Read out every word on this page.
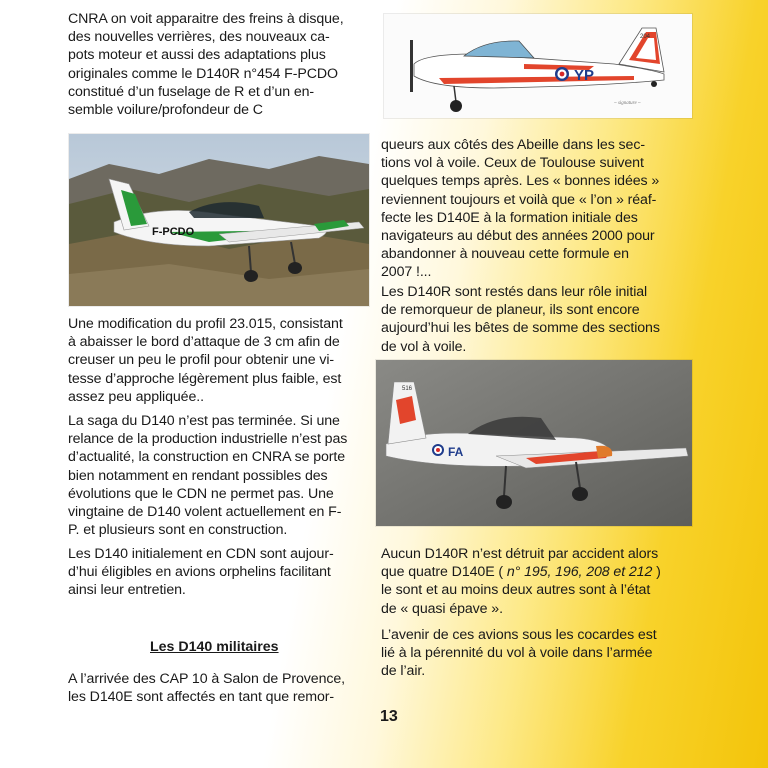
CNRA on voit apparaitre des freins à disque,
des nouvelles verrières, des nouveaux ca-
pots moteur et aussi des adaptations plus
originales comme le D140R n°454 F-PCDO
constitué d’un fuselage de R et d’un en-
semble voilure/profondeur de C

F-PCDO

Une modification du profil 23.015, consistant
à abaisser le bord d’attaque de 3 cm afin de
creuser un peu le profil pour obtenir une vi-
tesse d’approche légèrement plus faible, est
assez peu appliquée..

La saga du D140 n’est pas terminée. Si une
relance de la production industrielle n’est pas
d’actualité, la construction en CNRA se porte
bien notamment en rendant possibles des
évolutions que le CDN ne permet pas. Une
vingtaine de D140 volent actuellement en F-
P. et plusieurs sont en construction.

Les D140 initialement en CDN sont aujour-
d’hui éligibles en avions orphelins facilitant
ainsi leur entretien.

Les D140 militaires

A l’arrivée des CAP 10 à Salon de Provence,
les D140E sont affectés en tant que remor-

204
YP
~ signature ~

queurs aux côtés des Abeille dans les sec-
tions vol à voile. Ceux de Toulouse suivent
quelques temps après. Les « bonnes idées »
reviennent toujours et voilà que « l’on » réaf-
fecte les D140E à la formation initiale des
navigateurs au début des années 2000 pour
abandonner à nouveau cette formule en
2007 !...

Les D140R sont restés dans leur rôle initial
de remorqueur de planeur, ils sont encore
aujourd’hui les bêtes de somme des sections
de vol à voile.

516
FA
Aucun D140R n’est détruit par accident alors
que quatre D140E ( n° 195, 196, 208 et 212 )
le sont et au moins deux autres sont à l’état
de « quasi épave ».

L’avenir de ces avions sous les cocardes est
lié à la pérennité du vol à voile dans l’armée
de l’air.

13
